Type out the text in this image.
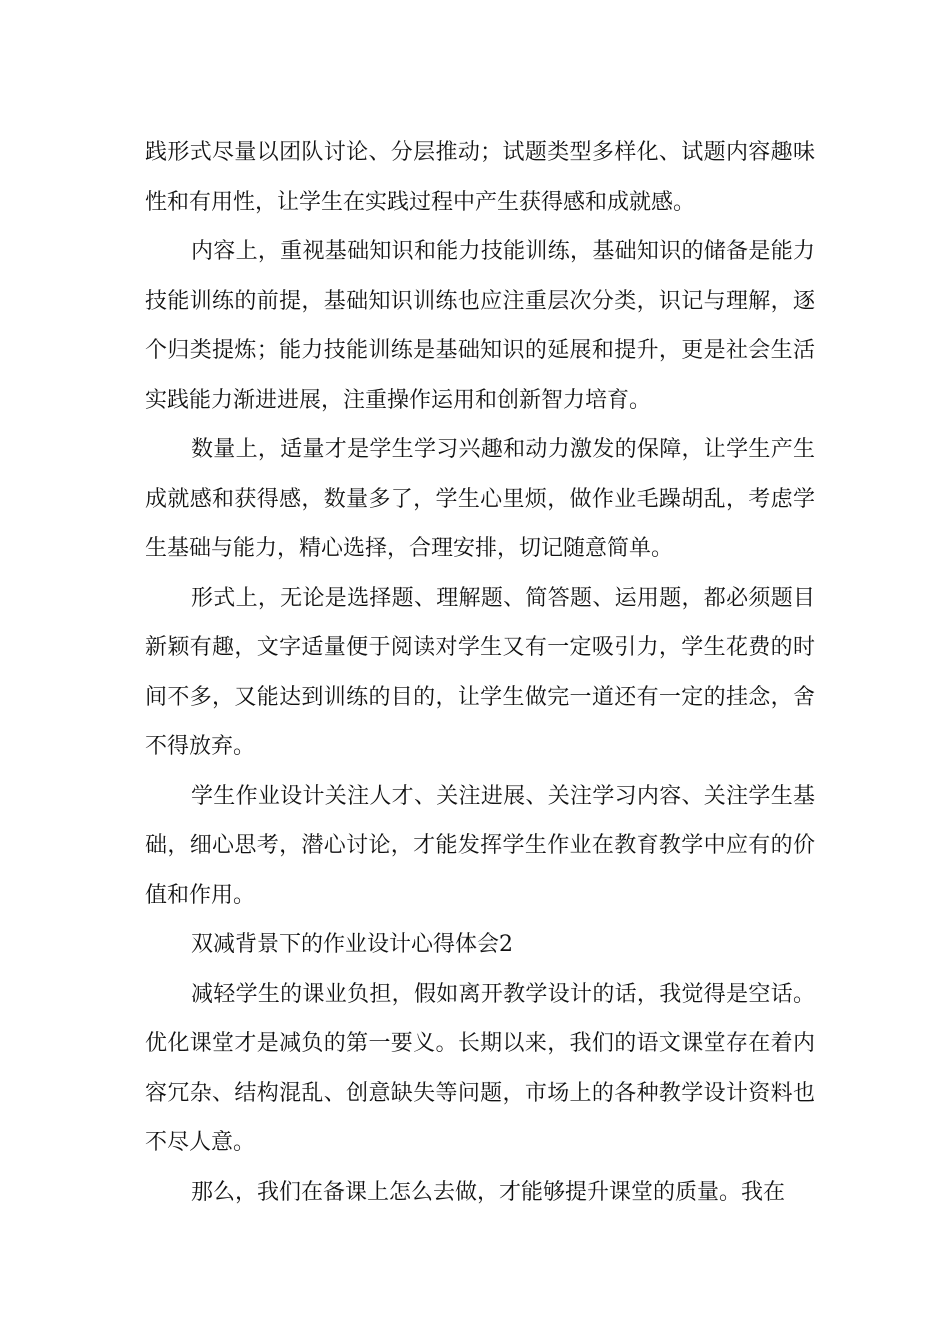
践形式尽量以团队讨论、分层推动；试题类型多样化、试题内容趣味性和有用性，让学生在实践过程中产生获得感和成就感。

内容上，重视基础知识和能力技能训练，基础知识的储备是能力技能训练的前提，基础知识训练也应注重层次分类，识记与理解，逐个归类提炼；能力技能训练是基础知识的延展和提升，更是社会生活实践能力渐进进展，注重操作运用和创新智力培育。

数量上，适量才是学生学习兴趣和动力激发的保障，让学生产生成就感和获得感，数量多了，学生心里烦，做作业毛躁胡乱，考虑学生基础与能力，精心选择，合理安排，切记随意简单。

形式上，无论是选择题、理解题、简答题、运用题，都必须题目新颖有趣，文字适量便于阅读对学生又有一定吸引力，学生花费的时间不多，又能达到训练的目的，让学生做完一道还有一定的挂念，舍不得放弃。

学生作业设计关注人才、关注进展、关注学习内容、关注学生基础，细心思考，潜心讨论，才能发挥学生作业在教育教学中应有的价值和作用。

双减背景下的作业设计心得体会2

减轻学生的课业负担，假如离开教学设计的话，我觉得是空话。优化课堂才是减负的第一要义。长期以来，我们的语文课堂存在着内容冗杂、结构混乱、创意缺失等问题，市场上的各种教学设计资料也不尽人意。

那么，我们在备课上怎么去做，才能够提升课堂的质量。我在
